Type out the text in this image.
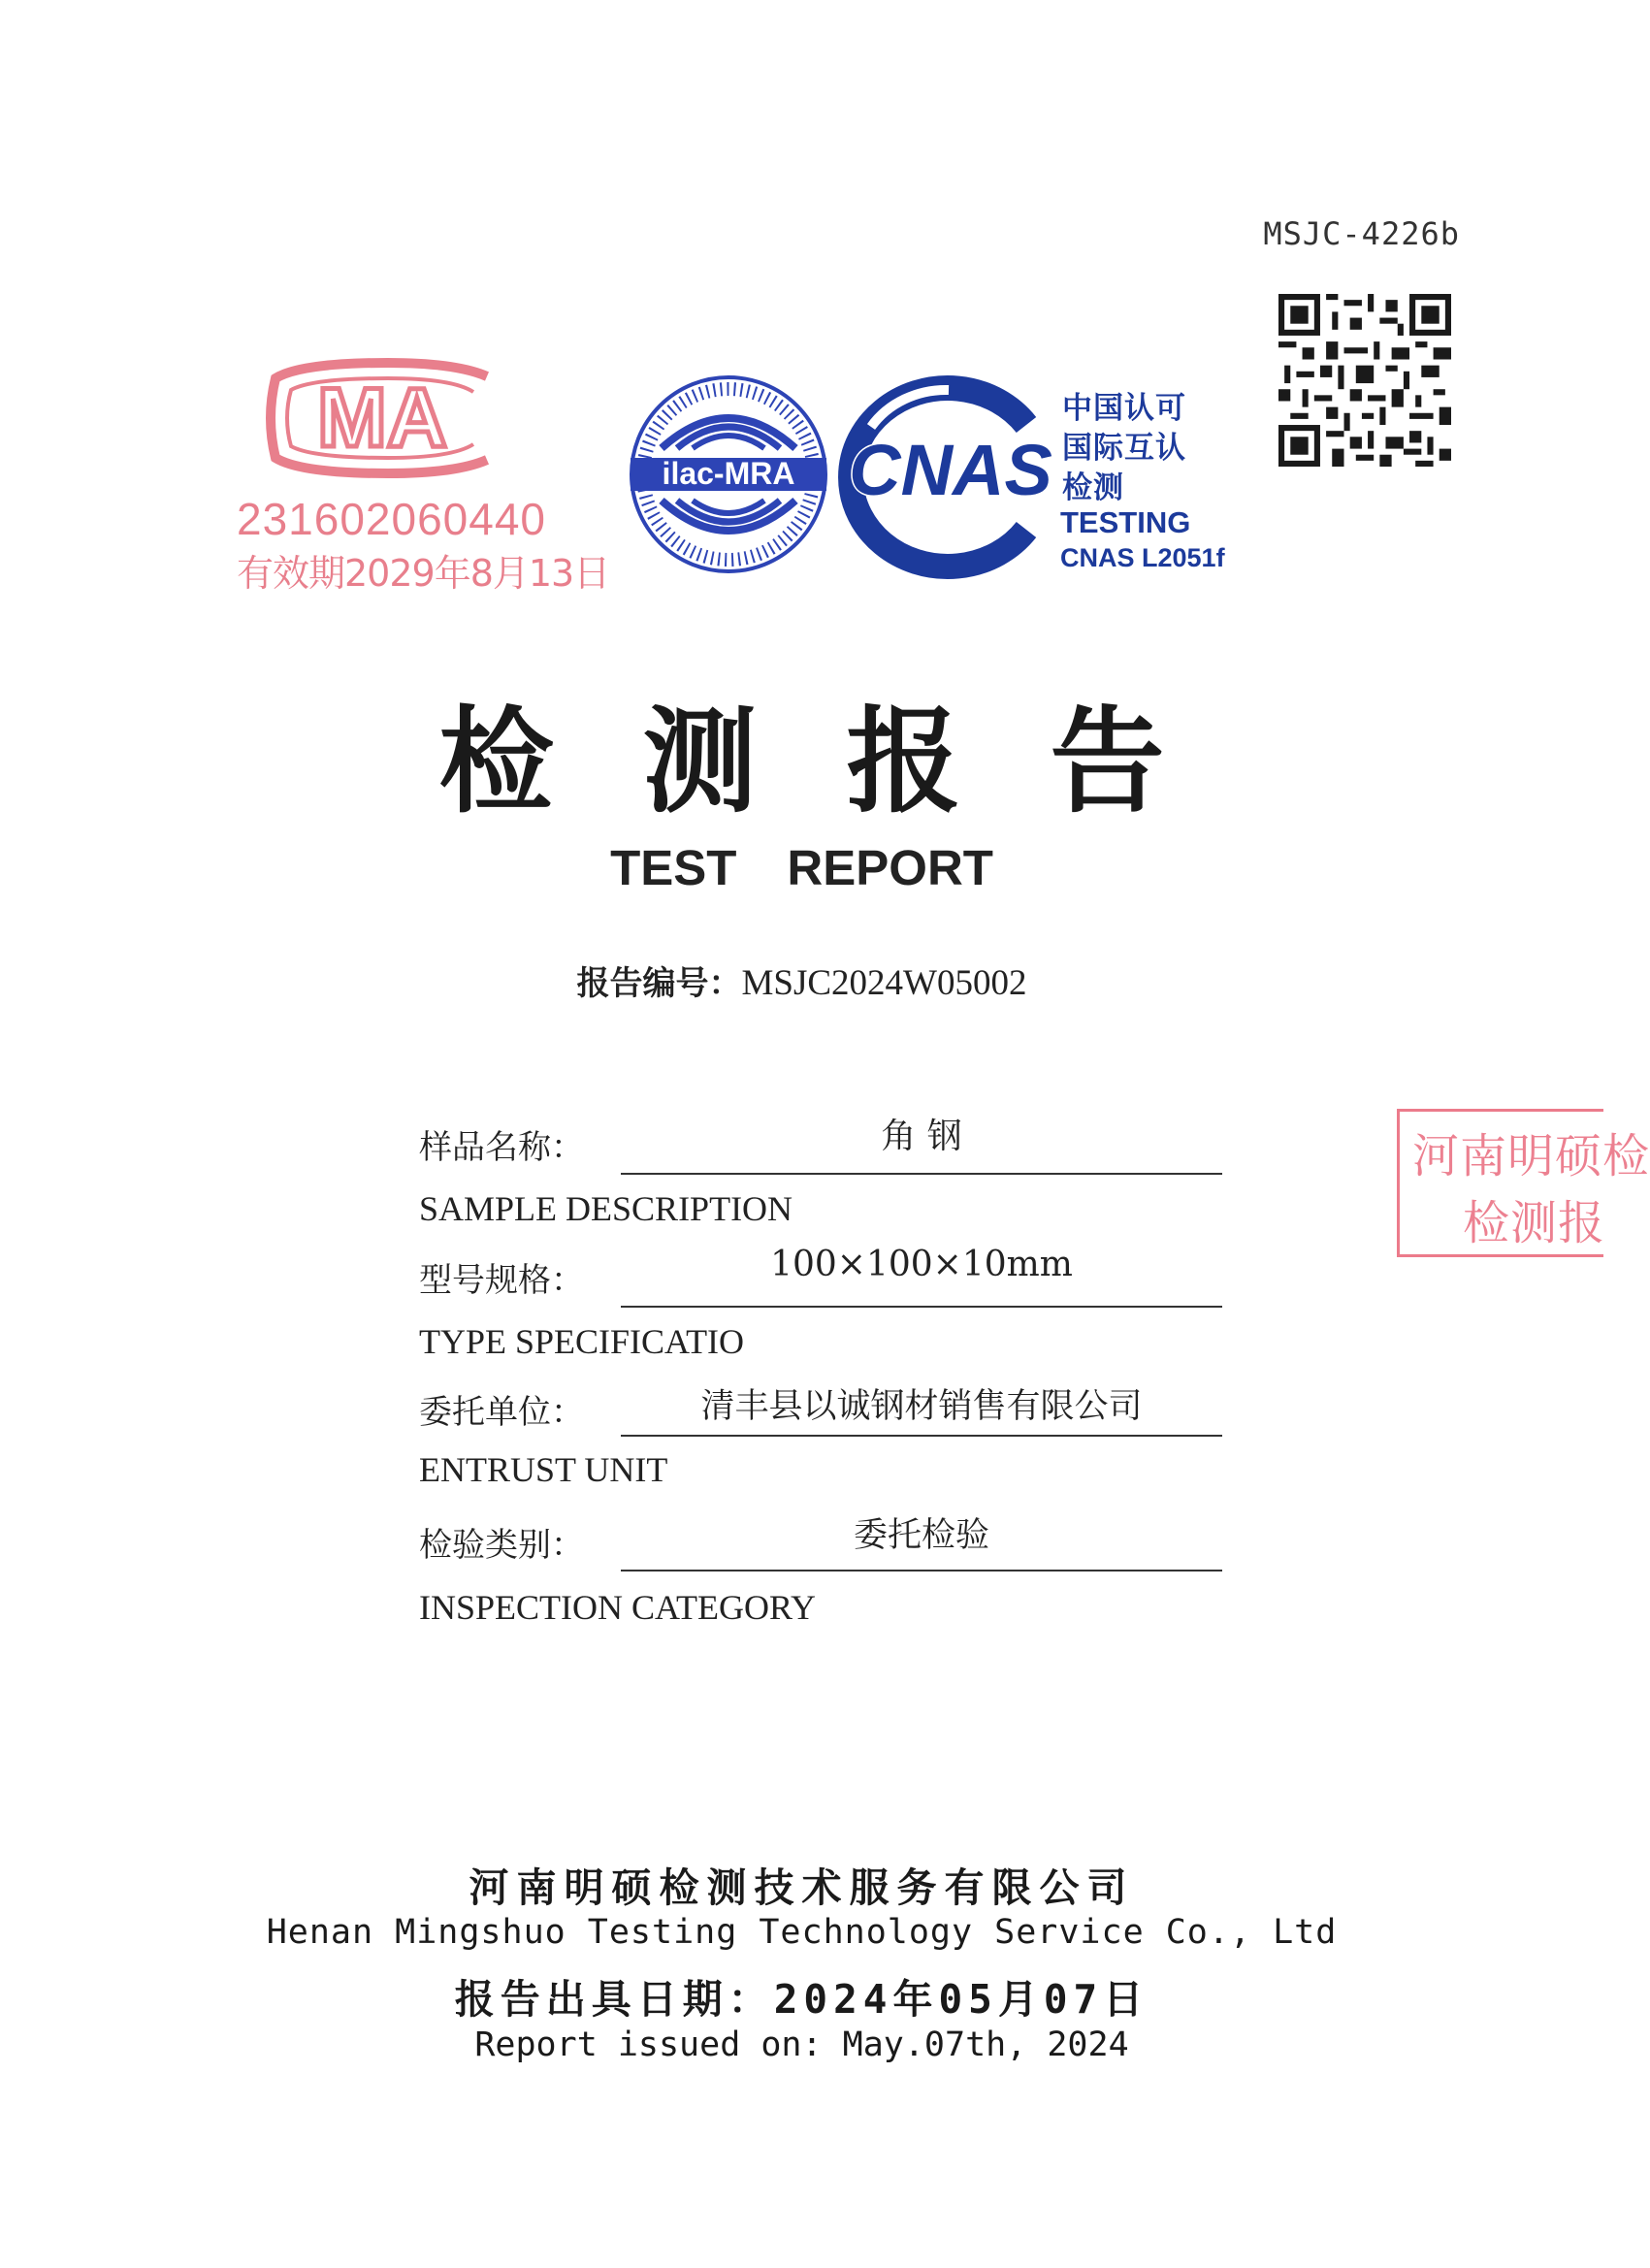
MSJC-4226b
MA
231602060440
有效期2029年8月13日
ilac-MRA CNAS
中国认可
国际互认
检测
TESTING
CNAS L2051f
检测报告
TEST REPORT
报告编号：MSJC2024W05002
样品名称：	角 钢
SAMPLE DESCRIPTION
型号规格：	100×100×10mm
TYPE SPECIFICATIO
委托单位：	清丰县以诚钢材销售有限公司
ENTRUST UNIT
检验类别：	委托检验
INSPECTION CATEGORY
河南明硕检
检测报
河南明硕检测技术服务有限公司
Henan Mingshuo Testing Technology Service Co., Ltd
报告出具日期：2024年05月07日
Report issued on: May.07th, 2024
